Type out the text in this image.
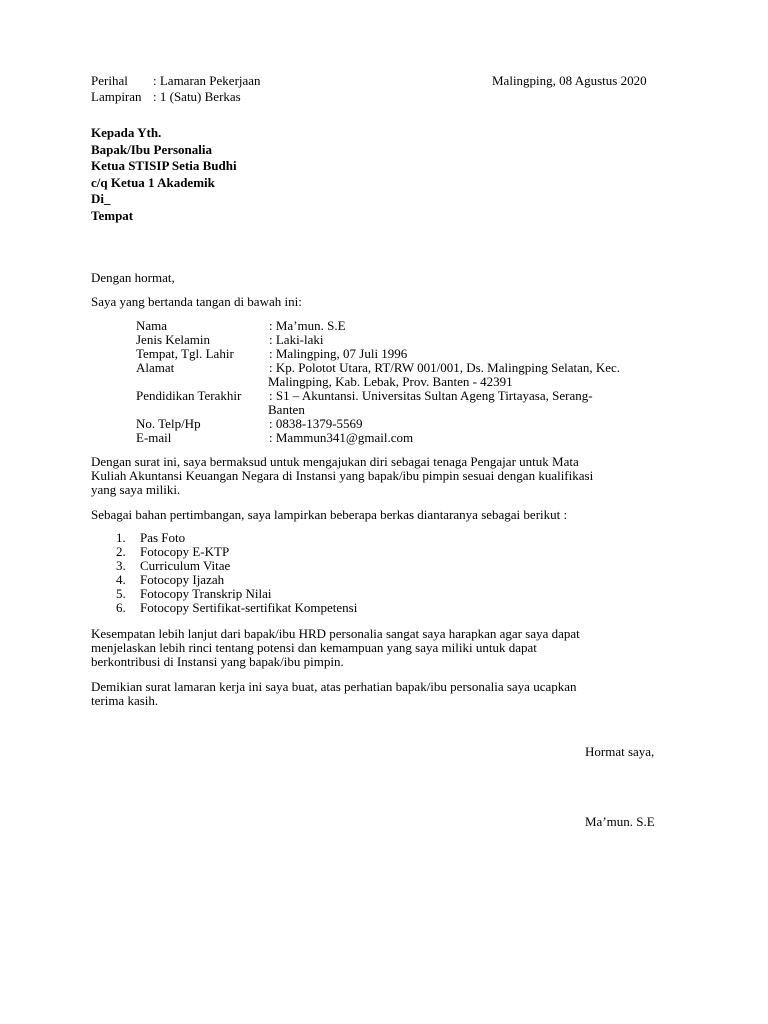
Perihal : Lamaran Pekerjaan
Lampiran : 1 (Satu) Berkas
Malingping, 08 Agustus 2020
Kepada Yth.
Bapak/Ibu Personalia
Ketua STISIP Setia Budhi
c/q Ketua 1 Akademik
Di_
Tempat
Dengan hormat,
Saya yang bertanda tangan di bawah ini:
Nama	: Ma’mun. S.E
Jenis Kelamin	: Laki-laki
Tempat, Tgl. Lahir	: Malingping, 07 Juli 1996
Alamat	: Kp. Polotot Utara, RT/RW 001/001, Ds. Malingping Selatan, Kec.
Malingping, Kab. Lebak, Prov. Banten - 42391
Pendidikan Terakhir : S1 – Akuntansi. Universitas Sultan Ageng Tirtayasa, Serang-
Banten
No. Telp/Hp	: 0838-1379-5569
E-mail	: Mammun341@gmail.com
Dengan surat ini, saya bermaksud untuk mengajukan diri sebagai tenaga Pengajar untuk Mata
Kuliah Akuntansi Keuangan Negara di Instansi yang bapak/ibu pimpin sesuai dengan kualifikasi
yang saya miliki.
Sebagai bahan pertimbangan, saya lampirkan beberapa berkas diantaranya sebagai berikut :
1. Pas Foto
2. Fotocopy E-KTP
3. Curriculum Vitae
4. Fotocopy Ijazah
5. Fotocopy Transkrip Nilai
6. Fotocopy Sertifikat-sertifikat Kompetensi
Kesempatan lebih lanjut dari bapak/ibu HRD personalia sangat saya harapkan agar saya dapat
menjelaskan lebih rinci tentang potensi dan kemampuan yang saya miliki untuk dapat
berkontribusi di Instansi yang bapak/ibu pimpin.
Demikian surat lamaran kerja ini saya buat, atas perhatian bapak/ibu personalia saya ucapkan
terima kasih.
Hormat saya,
Ma’mun. S.E
